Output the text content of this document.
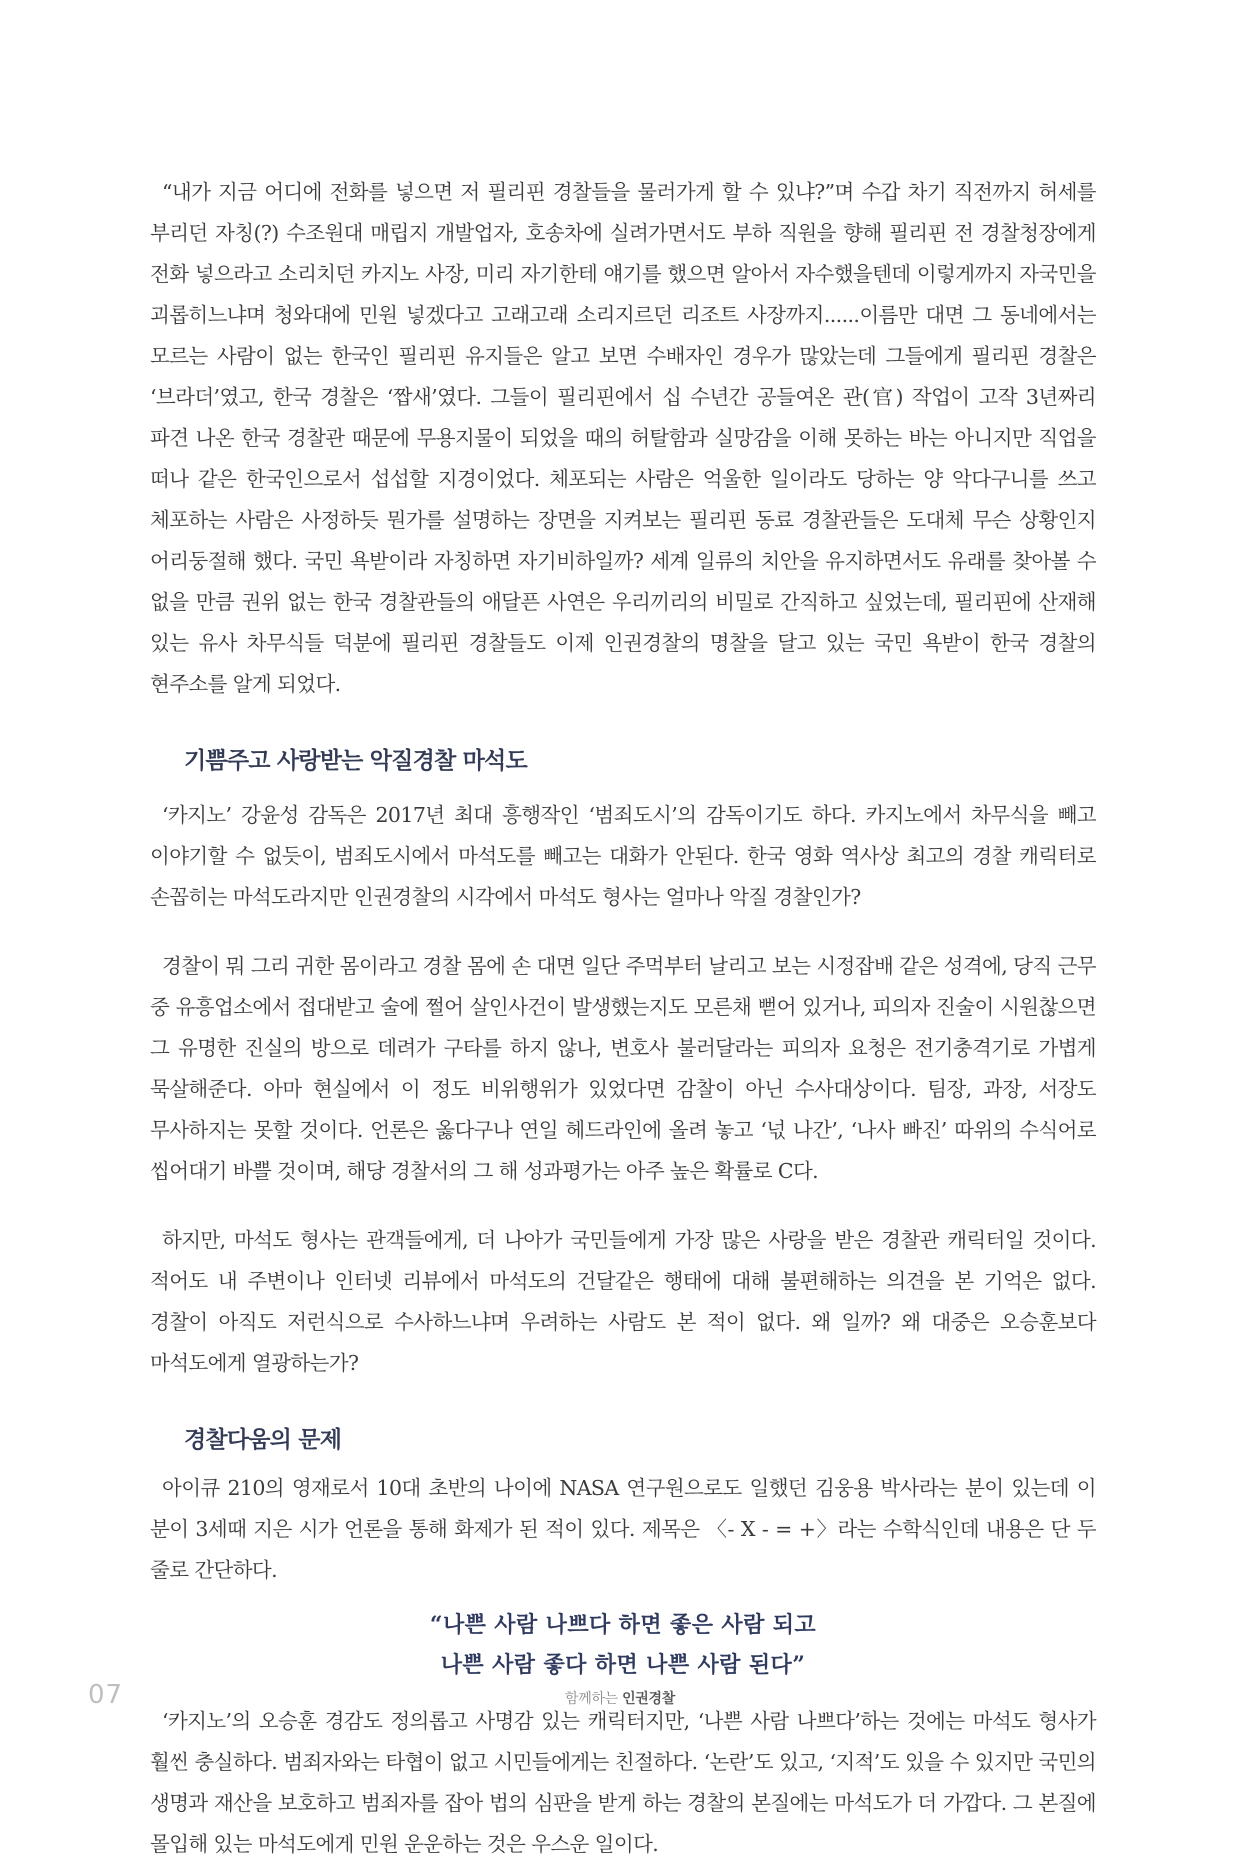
“내가 지금 어디에 전화를 넣으면 저 필리핀 경찰들을 물러가게 할 수 있냐?”며 수갑 차기 직전까지 허세를 부리던 자칭(?) 수조원대 매립지 개발업자, 호송차에 실려가면서도 부하 직원을 향해 필리핀 전 경찰청장에게 전화 넣으라고 소리치던 카지노 사장, 미리 자기한테 얘기를 했으면 알아서 자수했을텐데 이렇게까지 자국민을 괴롭히느냐며 청와대에 민원 넣겠다고 고래고래 소리지르던 리조트 사장까지......이름만 대면 그 동네에서는 모르는 사람이 없는 한국인 필리핀 유지들은 알고 보면 수배자인 경우가 많았는데 그들에게 필리핀 경찰은 ‘브라더’였고, 한국 경찰은 ‘짭새’였다. 그들이 필리핀에서 십 수년간 공들여온 관(官) 작업이 고작 3년짜리 파견 나온 한국 경찰관 때문에 무용지물이 되었을 때의 허탈함과 실망감을 이해 못하는 바는 아니지만 직업을 떠나 같은 한국인으로서 섭섭할 지경이었다. 체포되는 사람은 억울한 일이라도 당하는 양 악다구니를 쓰고 체포하는 사람은 사정하듯 뭔가를 설명하는 장면을 지켜보는 필리핀 동료 경찰관들은 도대체 무슨 상황인지 어리둥절해 했다. 국민 욕받이라 자칭하면 자기비하일까? 세계 일류의 치안을 유지하면서도 유래를 찾아볼 수 없을 만큼 권위 없는 한국 경찰관들의 애달픈 사연은 우리끼리의 비밀로 간직하고 싶었는데, 필리핀에 산재해 있는 유사 차무식들 덕분에 필리핀 경찰들도 이제 인권경찰의 명찰을 달고 있는 국민 욕받이 한국 경찰의 현주소를 알게 되었다.

기쁨주고 사랑받는 악질경찰 마석도

‘카지노’ 강윤성 감독은 2017년 최대 흥행작인 ‘범죄도시’의 감독이기도 하다. 카지노에서 차무식을 빼고 이야기할 수 없듯이, 범죄도시에서 마석도를 빼고는 대화가 안된다. 한국 영화 역사상 최고의 경찰 캐릭터로 손꼽히는 마석도라지만 인권경찰의 시각에서 마석도 형사는 얼마나 악질 경찰인가?

경찰이 뭐 그리 귀한 몸이라고 경찰 몸에 손 대면 일단 주먹부터 날리고 보는 시정잡배 같은 성격에, 당직 근무 중 유흥업소에서 접대받고 술에 쩔어 살인사건이 발생했는지도 모른채 뻗어 있거나, 피의자 진술이 시원찮으면 그 유명한 진실의 방으로 데려가 구타를 하지 않나, 변호사 불러달라는 피의자 요청은 전기충격기로 가볍게 묵살해준다. 아마 현실에서 이 정도 비위행위가 있었다면 감찰이 아닌 수사대상이다. 팀장, 과장, 서장도 무사하지는 못할 것이다. 언론은 옳다구나 연일 헤드라인에 올려 놓고 ‘넋 나간’, ‘나사 빠진’ 따위의 수식어로 씹어대기 바쁠 것이며, 해당 경찰서의 그 해 성과평가는 아주 높은 확률로 C다.

하지만, 마석도 형사는 관객들에게, 더 나아가 국민들에게 가장 많은 사랑을 받은 경찰관 캐릭터일 것이다. 적어도 내 주변이나 인터넷 리뷰에서 마석도의 건달같은 행태에 대해 불편해하는 의견을 본 기억은 없다. 경찰이 아직도 저런식으로 수사하느냐며 우려하는 사람도 본 적이 없다. 왜 일까? 왜 대중은 오승훈보다 마석도에게 열광하는가?

경찰다움의 문제

아이큐 210의 영재로서 10대 초반의 나이에 NASA 연구원으로도 일했던 김웅용 박사라는 분이 있는데 이 분이 3세때 지은 시가 언론을 통해 화제가 된 적이 있다. 제목은 〈- X - = +〉라는 수학식인데 내용은 단 두 줄로 간단하다.

“나쁜 사람 나쁘다 하면 좋은 사람 되고
나쁜 사람 좋다 하면 나쁜 사람 된다”

‘카지노’의 오승훈 경감도 정의롭고 사명감 있는 캐릭터지만, ‘나쁜 사람 나쁘다’하는 것에는 마석도 형사가 훨씬 충실하다. 범죄자와는 타협이 없고 시민들에게는 친절하다. ‘논란’도 있고, ‘지적’도 있을 수 있지만 국민의 생명과 재산을 보호하고 범죄자를 잡아 법의 심판을 받게 하는 경찰의 본질에는 마석도가 더 가깝다. 그 본질에 몰입해 있는 마석도에게 민원 운운하는 것은 우스운 일이다.

07	함께하는 인권경찰
